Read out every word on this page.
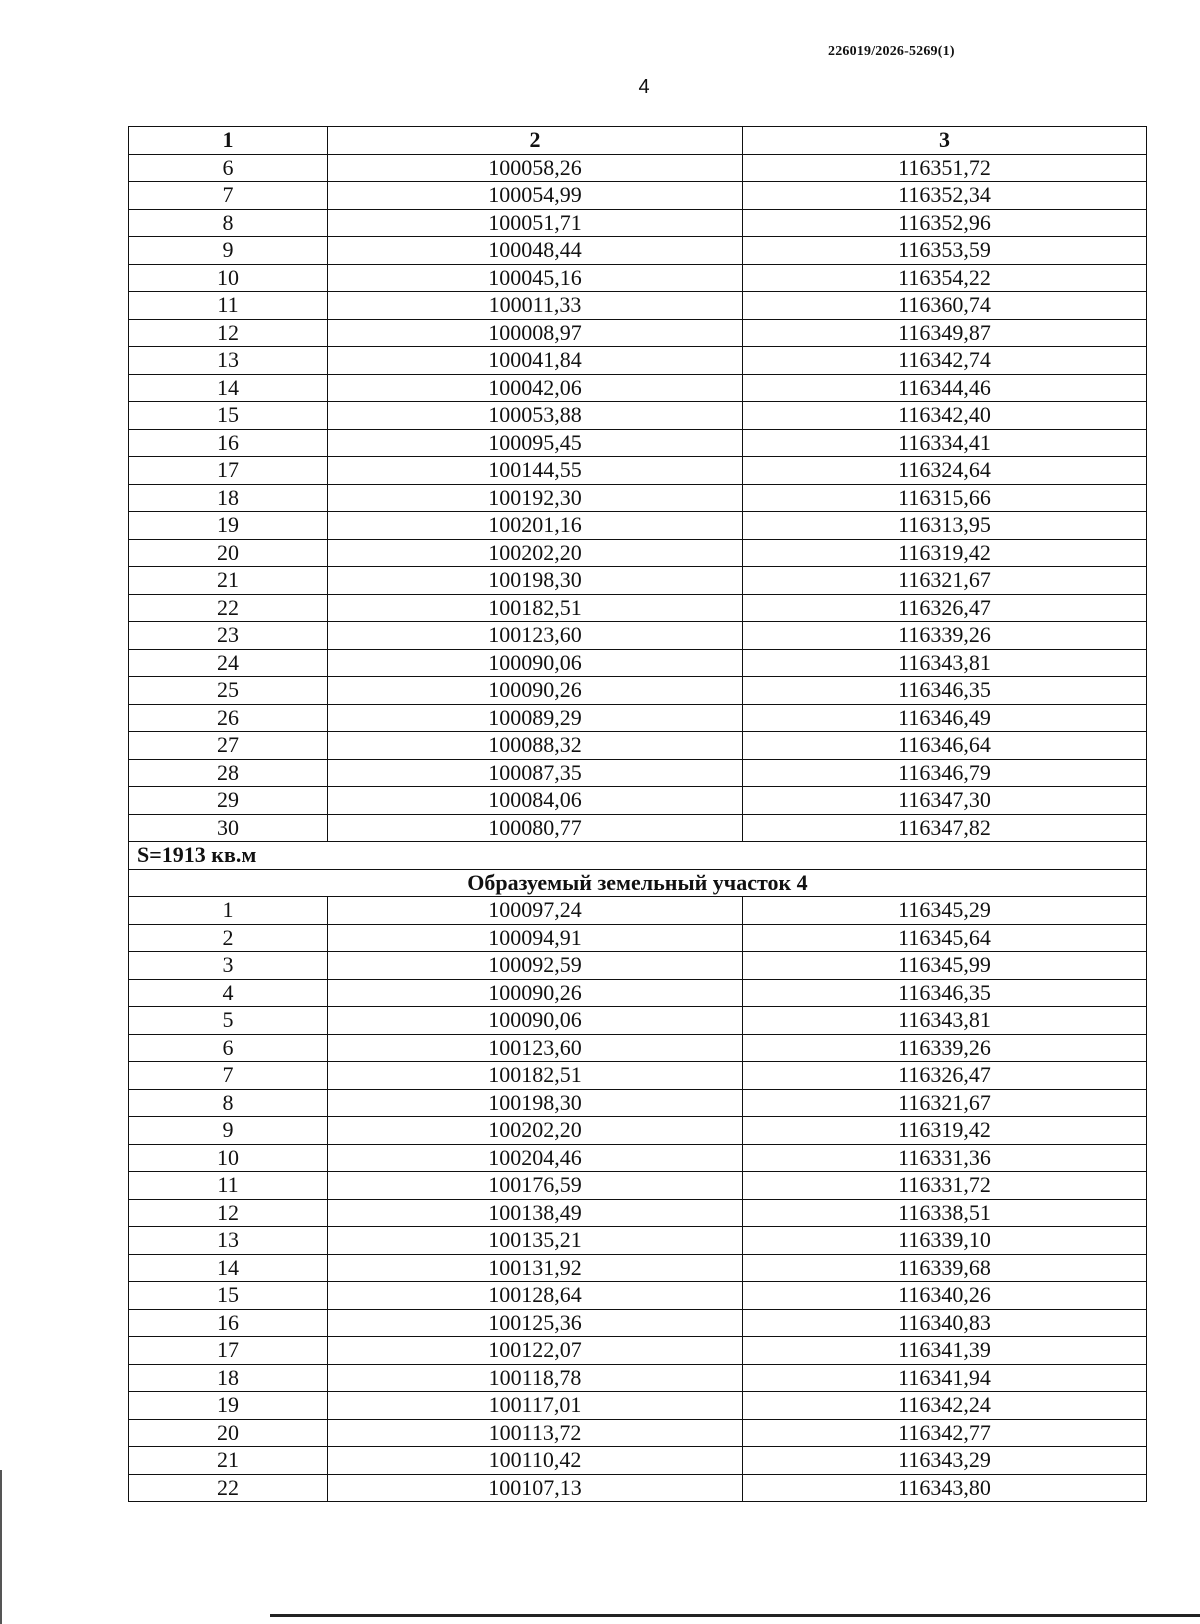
226019/2026-5269(1)
4
1	2	3
6	100058,26	116351,72
7	100054,99	116352,34
8	100051,71	116352,96
9	100048,44	116353,59
10	100045,16	116354,22
11	100011,33	116360,74
12	100008,97	116349,87
13	100041,84	116342,74
14	100042,06	116344,46
15	100053,88	116342,40
16	100095,45	116334,41
17	100144,55	116324,64
18	100192,30	116315,66
19	100201,16	116313,95
20	100202,20	116319,42
21	100198,30	116321,67
22	100182,51	116326,47
23	100123,60	116339,26
24	100090,06	116343,81
25	100090,26	116346,35
26	100089,29	116346,49
27	100088,32	116346,64
28	100087,35	116346,79
29	100084,06	116347,30
30	100080,77	116347,82
S=1913 кв.м		
Образуемый земельный участок 4		
1	100097,24	116345,29
2	100094,91	116345,64
3	100092,59	116345,99
4	100090,26	116346,35
5	100090,06	116343,81
6	100123,60	116339,26
7	100182,51	116326,47
8	100198,30	116321,67
9	100202,20	116319,42
10	100204,46	116331,36
11	100176,59	116331,72
12	100138,49	116338,51
13	100135,21	116339,10
14	100131,92	116339,68
15	100128,64	116340,26
16	100125,36	116340,83
17	100122,07	116341,39
18	100118,78	116341,94
19	100117,01	116342,24
20	100113,72	116342,77
21	100110,42	116343,29
22	100107,13	116343,80
